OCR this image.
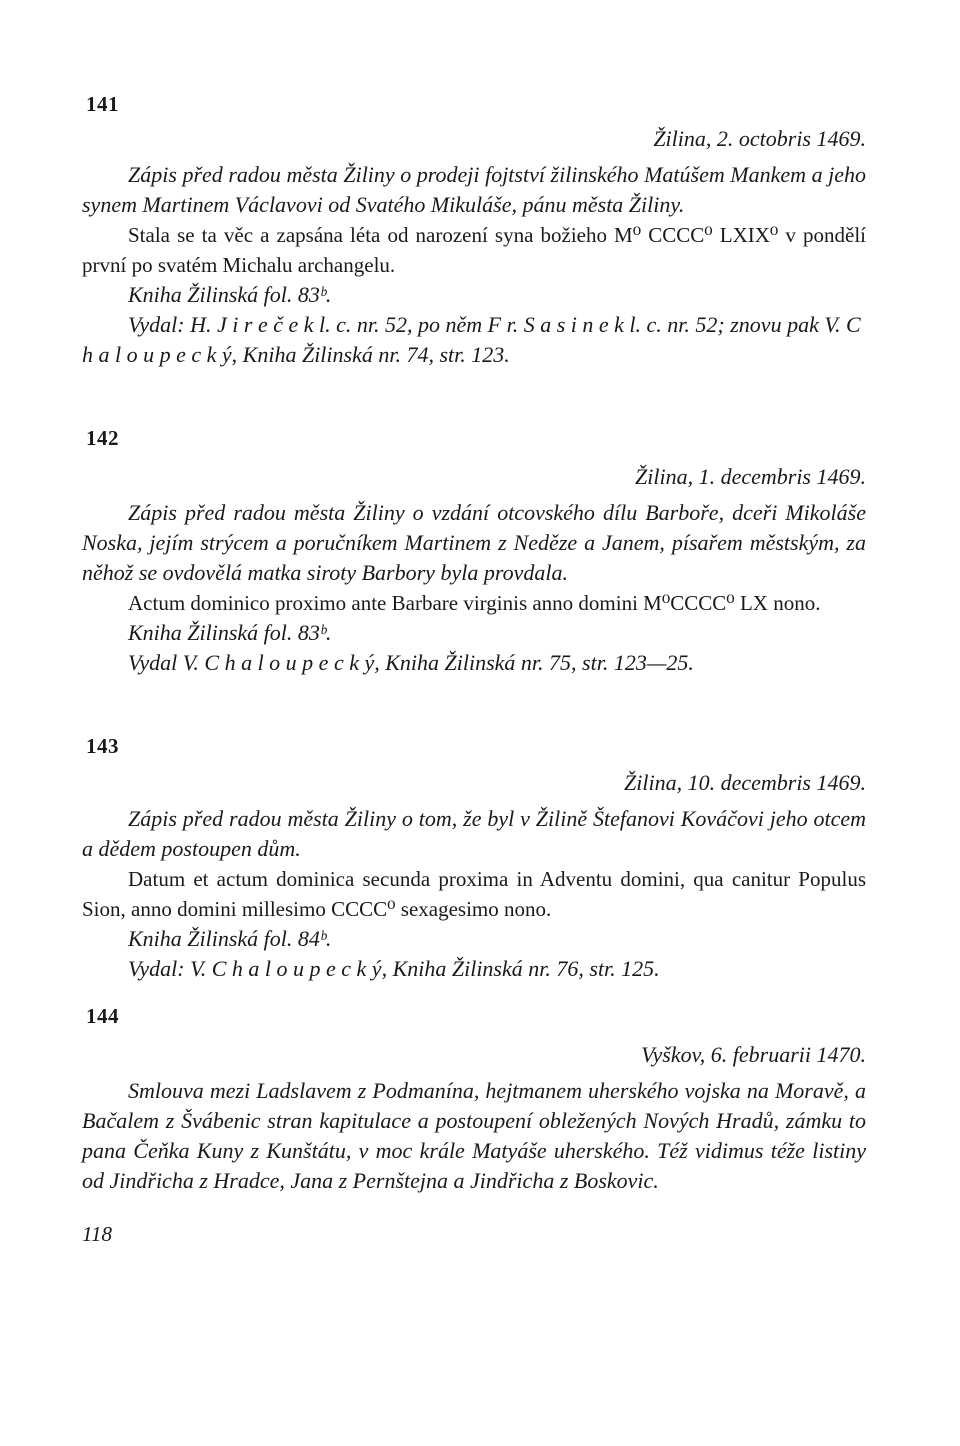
141

Žilina, 2. octobris 1469.

Zápis před radou města Žiliny o prodeji fojtství žilinského Matúšem Mankem a jeho synem Martinem Václavovi od Svatého Mikuláše, pánu města Žiliny.

Stala se ta věc a zapsána léta od narození syna božieho M⁰ CCCC⁰ LXIX⁰ v pondělí první po svatém Michalu archangelu.

Kniha Žilinská fol. 83ᵇ.

Vydal: H. J i r e č e k l. c. nr. 52, po něm F r. S a s i n e k l. c. nr. 52; znovu pak V. C h a l o u p e c k ý, Kniha Žilinská nr. 74, str. 123.

142

Žilina, 1. decembris 1469.

Zápis před radou města Žiliny o vzdání otcovského dílu Barboře, dceři Mikoláše Noska, jejím strýcem a poručníkem Martinem z Neděze a Janem, písařem městským, za něhož se ovdovělá matka siroty Barbory byla provdala.

Actum dominico proximo ante Barbare virginis anno domini M⁰CCCC⁰ LX nono.

Kniha Žilinská fol. 83ᵇ.

Vydal V. C h a l o u p e c k ý, Kniha Žilinská nr. 75, str. 123—25.

143

Žilina, 10. decembris 1469.

Zápis před radou města Žiliny o tom, že byl v Žilině Štefanovi Kováčovi jeho otcem a dědem postoupen dům.

Datum et actum dominica secunda proxima in Adventu domini, qua canitur Populus Sion, anno domini millesimo CCCC⁰ sexagesimo nono.

Kniha Žilinská fol. 84ᵇ.

Vydal: V. C h a l o u p e c k ý, Kniha Žilinská nr. 76, str. 125.

144

Vyškov, 6. februarii 1470.

Smlouva mezi Ladslavem z Podmanína, hejtmanem uherského vojska na Moravě, a Bačalem z Švábenic stran kapitulace a postoupení obležených Nových Hradů, zámku to pana Čeňka Kuny z Kunštátu, v moc krále Matyáše uherského. Též vidimus téže listiny od Jindřicha z Hradce, Jana z Pernštejna a Jindřicha z Boskovic.

118
